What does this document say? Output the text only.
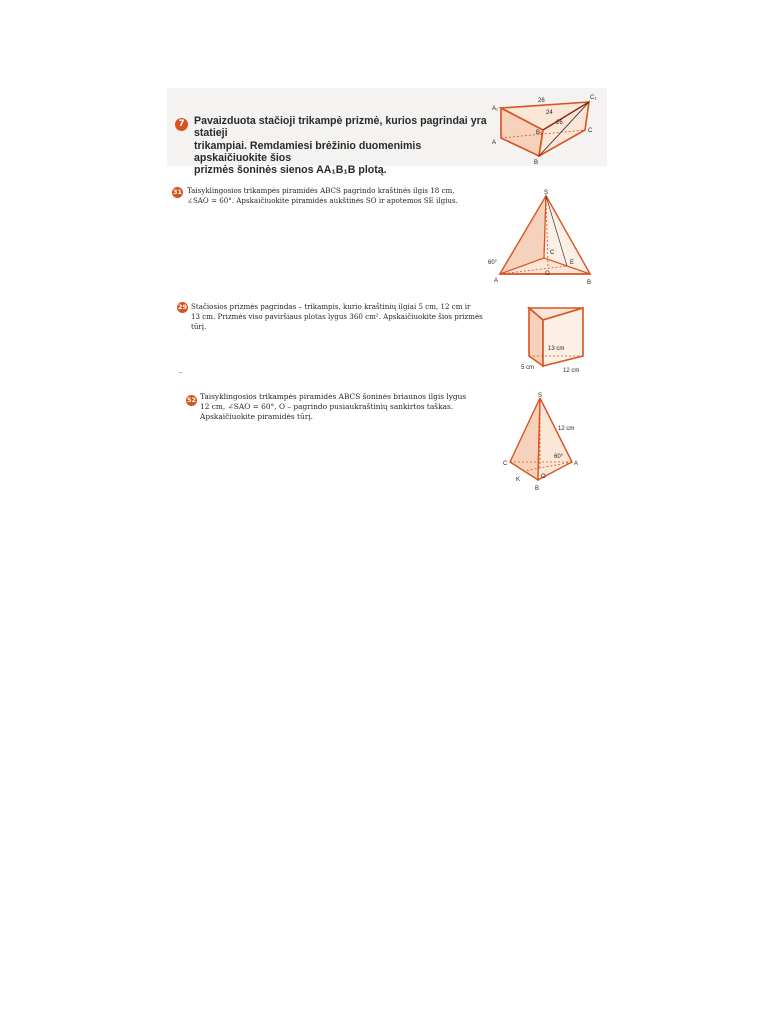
7 Pavaizduota stačioji trikampė prizmė, kurios pagrindai yra statieji
trikampiai. Remdamiesi brėžinio duomenimis apskaičiuokite šios
prizmės šoninės sienos AA₁B₁B plotą.
A₁
C₁
B₁
A
B
C
26
24
26
31 Taisyklingosios trikampės piramidės ABCS pagrindo kraštinės ilgis 18 cm,
∠SAO = 60°. Apskaičiuokite piramidės aukštinės SO ir apotemos SE ilgius.
S
A	B
C
O
E
60°
29 Stačiosios prizmės pagrindas – trikampis, kurio kraštinių ilgiai 5 cm, 12 cm ir
13 cm. Prizmės viso paviršiaus plotas lygus 360 cm². Apskaičiuokite šios prizmės
tūrį.
13 cm
5 cm	12 cm
–
52 Taisyklingosios trikampės piramidės ABCS šoninės briaunos ilgis lygus
12 cm, ∠SAO = 60°, O – pagrindo pusiaukraštinių sankirtos taškas.
Apskaičiuokite piramidės tūrį.
S
C	A
B
O
K
12 cm
60°
